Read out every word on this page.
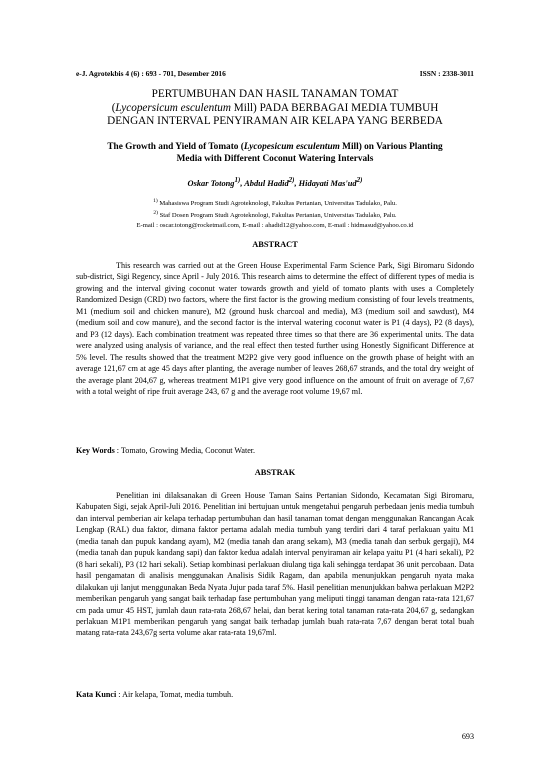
e-J. Agrotekbis 4 (6) : 693 - 701, Desember 2016	ISSN : 2338-3011
PERTUMBUHAN DAN HASIL TANAMAN TOMAT
(Lycopersicum esculentum Mill) PADA BERBAGAI MEDIA TUMBUH
DENGAN INTERVAL PENYIRAMAN AIR KELAPA YANG BERBEDA
The Growth and Yield of Tomato (Lycopesicum esculentum Mill) on Various Planting
Media with Different Coconut Watering Intervals
Oskar Totong$^{1)}$, Abdul Hadid$^{2)}$, Hidayati $Mas'ud^{2)}$
$^{1)}$ Mahasiswa Program Studi Agroteknologi, Fakultas Pertanian, Universitas Tadulako, Palu.
$^{2)}$ Staf Dosen Program Studi Agroteknologi, Fakultas Pertanian, Universitas Tadulako, Palu.
E-mail : oscar.totong@rocketmail.com, E-mail : ahadid12@yahoo.com, E-mail : hidmasud@yahoo.co.id
ABSTRACT
This research was carried out at the Green House Experimental Farm Science Park, Sigi Biromaru Sidondo sub-district, Sigi Regency, since April - July 2016. This research aims to determine the effect of different types of media is growing and the interval giving coconut water towards growth and yield of tomato plants with uses a Completely Randomized Design (CRD) two factors, where the first factor is the growing medium consisting of four levels treatments, M1 (medium soil and chicken manure), M2 (ground husk charcoal and media), M3 (medium soil and sawdust), M4 (medium soil and cow manure), and the second factor is the interval watering coconut water is P1 (4 days), P2 (8 days), and P3 (12 days). Each combination treatment was repeated three times so that there are 36 experimental units. The data were analyzed using analysis of variance, and the real effect then tested further using Honestly Significant Difference at 5% level. The results showed that the treatment M2P2 give very good influence on the growth phase of height with an average 121,67 cm at age 45 days after planting, the average number of leaves 268,67 strands, and the total dry weight of the average plant 204,67 g, whereas treatment M1P1 give very good influence on the amount of fruit on average of 7,67 with a total weight of ripe fruit average 243, 67 g and the average root volume 19,67 ml.
Key Words : Tomato, Growing Media, Coconut Water.
ABSTRAK
Penelitian ini dilaksanakan di Green House Taman Sains Pertanian Sidondo, Kecamatan Sigi Biromaru, Kabupaten Sigi, sejak April-Juli 2016. Penelitian ini bertujuan untuk mengetahui pengaruh perbedaan jenis media tumbuh dan interval pemberian air kelapa terhadap pertumbuhan dan hasil tanaman tomat dengan menggunakan Rancangan Acak Lengkap (RAL) dua faktor, dimana faktor pertama adalah media tumbuh yang terdiri dari 4 taraf perlakuan yaitu M1 (media tanah dan pupuk kandang ayam), M2 (media tanah dan arang sekam), M3 (media tanah dan serbuk gergaji), M4 (media tanah dan pupuk kandang sapi) dan faktor kedua adalah interval penyiraman air kelapa yaitu P1 (4 hari sekali), P2 (8 hari sekali), P3 (12 hari sekali). Setiap kombinasi perlakuan diulang tiga kali sehingga terdapat 36 unit percobaan. Data hasil pengamatan di analisis menggunakan Analisis Sidik Ragam, dan apabila menunjukkan pengaruh nyata maka dilakukan uji lanjut menggunakan Beda Nyata Jujur pada taraf 5%. Hasil penelitian menunjukkan bahwa perlakuan M2P2 memberikan pengaruh yang sangat baik terhadap fase pertumbuhan yang meliputi tinggi tanaman dengan rata-rata 121,67 cm pada umur 45 HST, jumlah daun rata-rata 268,67 helai, dan berat kering total tanaman rata-rata 204,67 g, sedangkan perlakuan M1P1 memberikan pengaruh yang sangat baik terhadap jumlah buah rata-rata 7,67 dengan berat total buah matang rata-rata 243,67g serta volume akar rata-rata 19,67ml.
Kata Kunci : Air kelapa, Tomat, media tumbuh.
693
